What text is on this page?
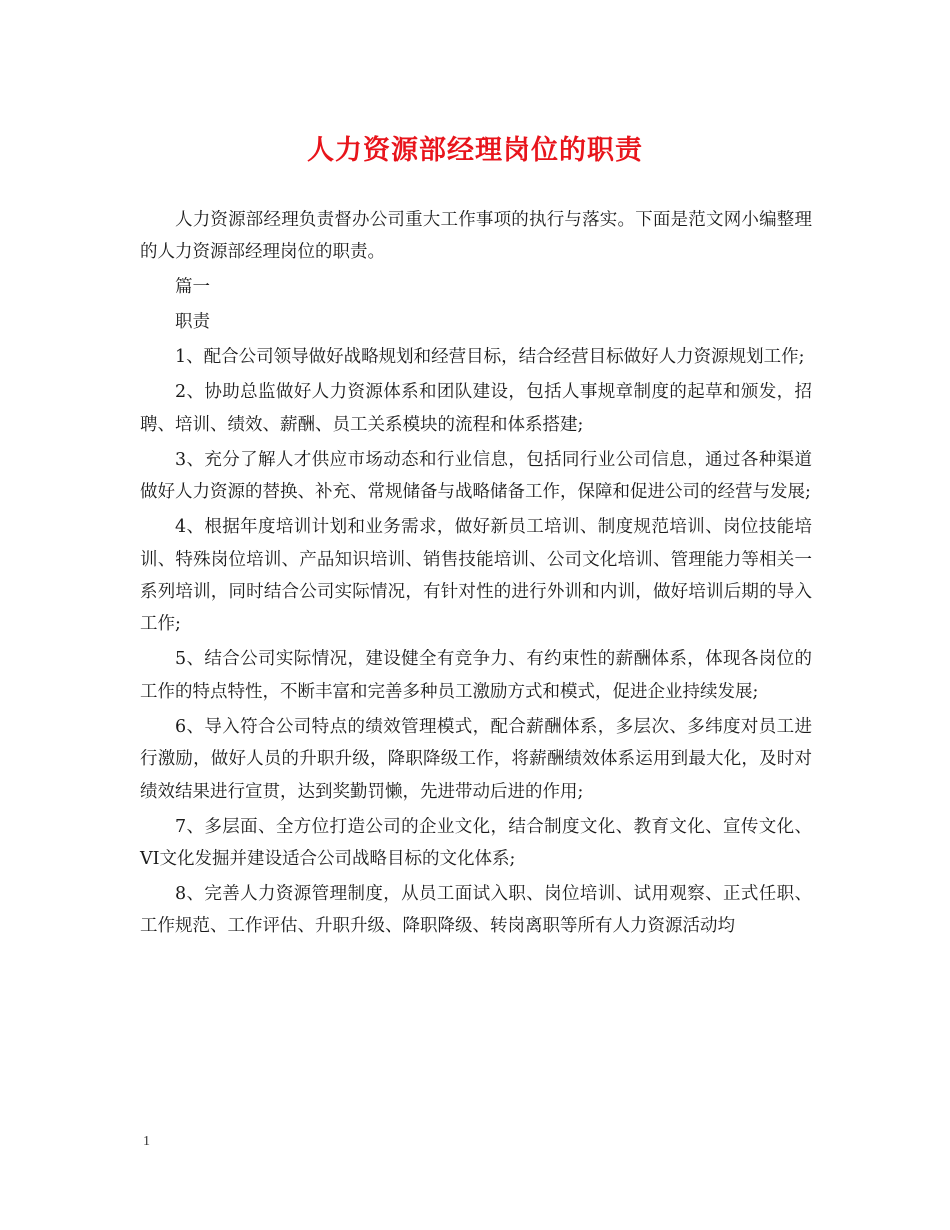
人力资源部经理岗位的职责

人力资源部经理负责督办公司重大工作事项的执行与落实。下面是范文网小编整理的人力资源部经理岗位的职责。

篇一

职责

1、配合公司领导做好战略规划和经营目标，结合经营目标做好人力资源规划工作;

2、协助总监做好人力资源体系和团队建设，包括人事规章制度的起草和颁发，招聘、培训、绩效、薪酬、员工关系模块的流程和体系搭建;

3、充分了解人才供应市场动态和行业信息，包括同行业公司信息，通过各种渠道做好人力资源的替换、补充、常规储备与战略储备工作，保障和促进公司的经营与发展;

4、根据年度培训计划和业务需求，做好新员工培训、制度规范培训、岗位技能培训、特殊岗位培训、产品知识培训、销售技能培训、公司文化培训、管理能力等相关一系列培训，同时结合公司实际情况，有针对性的进行外训和内训，做好培训后期的导入工作;

5、结合公司实际情况，建设健全有竞争力、有约束性的薪酬体系，体现各岗位的工作的特点特性，不断丰富和完善多种员工激励方式和模式，促进企业持续发展;

6、导入符合公司特点的绩效管理模式，配合薪酬体系，多层次、多纬度对员工进行激励，做好人员的升职升级，降职降级工作，将薪酬绩效体系运用到最大化，及时对绩效结果进行宣贯，达到奖勤罚懒，先进带动后进的作用;

7、多层面、全方位打造公司的企业文化，结合制度文化、教育文化、宣传文化、VI文化发掘并建设适合公司战略目标的文化体系;

8、完善人力资源管理制度，从员工面试入职、岗位培训、试用观察、正式任职、工作规范、工作评估、升职升级、降职降级、转岗离职等所有人力资源活动均

1
